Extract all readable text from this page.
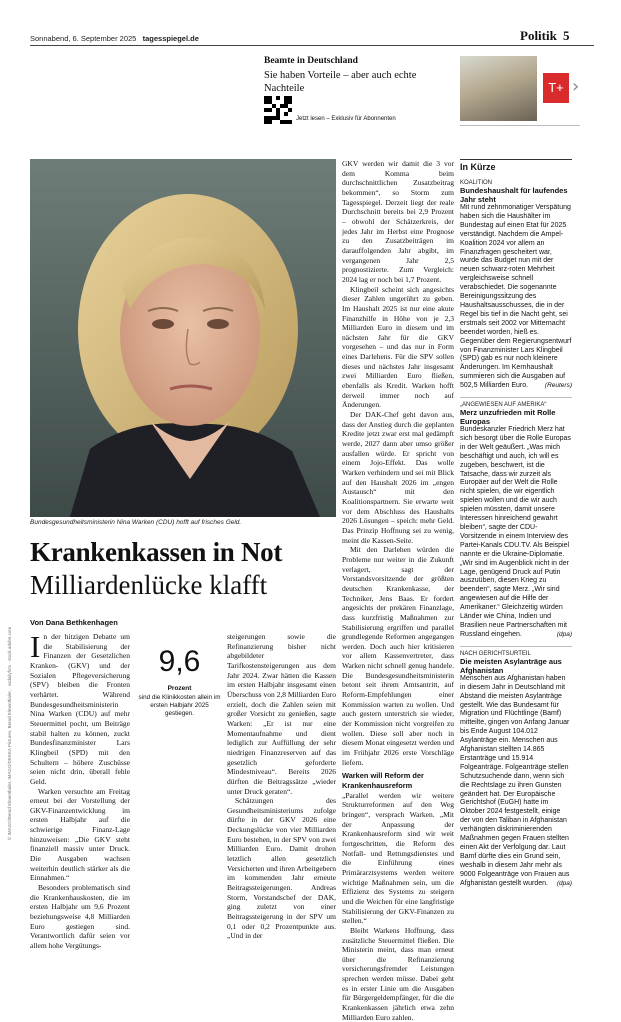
Sonnabend, 6. September 2025 tagesspiegel.de	Politik 5
Beamte in Deutschland
Sie haben Vorteile – aber auch echte Nachteile
Jetzt lesen – Exklusiv für Abonnenten
T+ ›
Bundesgesundheitsministerin Nina Warken (CDU) hofft auf frisches Geld.
© IMAGO/Bernd Elmenthaler, IMAGO/DEKKA Pictures, Bernd Elmenthaler, · vsdailyfoto · stock.adobe.com
Krankenkassen in Not
Milliardenlücke klafft
Von Dana Bethkenhagen

In der hitzigen Debatte um die Stabilisierung der Finanzen der Gesetzlichen Kranken- (GKV) und der Sozialen Pflegeversicherung (SPV) bleiben die Fronten verhärtet. Während Bundesgesundheitsministerin Nina Warken (CDU) auf mehr Steuermittel pocht, um Beiträge stabil halten zu können, zuckt Bundesfinanzminister Lars Klingbeil (SPD) mit den Schultern – höhere Zuschüsse seien nicht drin, überall fehle Geld.

Warken versuchte am Freitag erneut bei der Vorstellung der GKV-Finanzentwicklung im ersten Halbjahr auf die schwierige Finanz-Lage hinzuweisen: „Die GKV steht finanziell massiv unter Druck. Die Ausgaben wachsen weiterhin deutlich stärker als die Einnahmen.“

Besonders problematisch sind die Krankenhauskosten, die im ersten Halbjahr um 9,6 Prozent beziehungsweise 4,8 Milliarden Euro gestiegen sind. Verantwortlich dafür seien vor allem hohe Vergütungs-

9,6
Prozent
sind die Klinikkosten allein im ersten Halbjahr 2025 gestiegen.

steigerungen sowie die Refinanzierung bisher nicht abgebildeter Tarifkostensteigerungen aus dem Jahr 2024. Zwar hätten die Kassen im ersten Halbjahr insgesamt einen Überschuss von 2,8 Milliarden Euro erzielt, doch die Zahlen seien mit großer Vorsicht zu genießen, sagte Warken: „Er ist nur eine Momentaufnahme und dient lediglich zur Auffüllung der sehr niedrigen Finanzreserven auf das gesetzlich geforderte Mindestniveau“. Bereits 2026 dürften die Beitragssätze „wieder unter Druck geraten“.

Schätzungen des Gesundheitsministeriums zufolge dürfte in der GKV 2026 eine Deckungslücke von vier Milliarden Euro bestehen, in der SPV von zwei Milliarden Euro. Damit drohen letztlich allen gesetzlich Versicherten und ihren Arbeitgebern im kommenden Jahr erneute Beitragssteigerungen. Andreas Storm, Vorstandschef der DAK, ging zuletzt von einer Beitragssteigerung in der SPV um 0,1 oder 0,2 Prozentpunkte aus. „Und in der

GKV werden wir damit die 3 vor dem Komma beim durchschnittlichen Zusatzbeitrag bekommen“, so Storm zum Tagesspiegel. Derzeit liegt der reale Durchschnitt bereits bei 2,9 Prozent – obwohl der Schätzerkreis, der jedes Jahr im Herbst eine Prognose zu den Zusatzbeiträgen im darauffolgenden Jahr abgibt, im vergangenen Jahr 2,5 prognostizierte. Zum Vergleich: 2024 lag er noch bei 1,7 Prozent.

Klingbeil scheint sich angesichts dieser Zahlen ungerührt zu geben. Im Haushalt 2025 ist nur eine akute Finanzhilfe in Höhe von je 2,3 Milliarden Euro in diesem und im nächsten Jahr für die GKV vorgesehen – und das nur in Form eines Darlehens. Für die SPV sollen dieses und nächstes Jahr insgesamt zwei Milliarden Euro fließen, ebenfalls als Kredit. Warken hofft derweil immer noch auf Änderungen.

Der DAK-Chef geht davon aus, dass der Anstieg durch die geplanten Kredite jetzt zwar erst mal gedämpft werde, 2027 dann aber umso größer ausfallen würde. Er spricht von einem Jojo-Effekt. Das wolle Warken verhindern und sei mit Blick auf den Haushalt 2026 im „engen Austausch“ mit den Koalitionspartnern. Sie erwarte weit vor dem Abschluss des Haushalts 2026 Lösungen – speich: mehr Geld. Das Prinzip Hoffnung sei zu wenig, meint die Kassen-Seite.

Mit den Darlehen würden die Probleme nur weiter in die Zukunft verlagert, sagt der Vorstandsvorsitzende der größten deutschen Krankenkasse, der Techniker, Jens Baas. Er fordert angesichts der prekären Finanzlage, dass kurzfristig Maßnahmen zur Stabilisierung ergriffen und parallel grundlegende Reformen angegangen werden. Doch auch hier kritisieren vor allem Kassenvertreter, dass Warken nicht schnell genug handele. Die Bundesgesundheitsministerin betont seit ihrem Amtsantritt, auf Reform-Empfehlungen einer Kommission warten zu wollen. Und auch gestern unterstrich sie wieder, der Kommission nicht vorgreifen zu wollen. Diese soll aber noch in diesem Monat eingesetzt werden und im Frühjahr 2026 erste Vorschläge liefern.

Warken will Reform der Krankenhausreform

„Parallel werden wir weitere Strukturreformen auf den Weg bringen“, versprach Warken. „Mit der Anpassung der Krankenhausreform sind wir weit fortgeschritten, die Reform des Notfall- und Rettungsdienstes und die Einführung eines Primärarztsystems werden weitere wichtige Maßnahmen sein, um die Effizienz des Systems zu steigern und die Weichen für eine langfristige Stabilisierung der GKV-Finanzen zu stellen.“

Bleibt Warkens Hoffnung, dass zusätzliche Steuermittel fließen. Die Ministerin meint, dass man erneut über die Refinanzierung versicherungsfremder Leistungen sprechen werden müsse. Dabei geht es in erster Linie um die Ausgaben für Bürgergeldempfänger, für die die Krankenkassen jährlich etwa zehn Milliarden Euro zahlen.

In Kürze
KOALITION
Bundeshaushalt für laufendes Jahr steht
Mit rund zehnmonatiger Verspätung haben sich die Haushälter im Bundestag auf einen Etat für 2025 verständigt. Nachdem die Ampel-Koalition 2024 vor allem an Finanzfragen gescheitert war, wurde das Budget nun mit der neuen schwarz-roten Mehrheit vergleichsweise schnell verabschiedet. Die sogenannte Bereinigungssitzung des Haushaltsausschusses, die in der Regel bis tief in die Nacht geht, sei erstmals seit 2002 vor Mitternacht beendet worden, hieß es. Gegenüber dem Regierungsentwurf von Finanzminister Lars Klingbeil (SPD) gab es nur noch kleinere Änderungen. Im Kernhaushalt summieren sich die Ausgaben auf 502,5 Milliarden Euro.	(Reuters)
„ANGEWIESEN AUF AMERIKA“
Merz unzufrieden mit Rolle Europas
Bundeskanzler Friedrich Merz hat sich besorgt über die Rolle Europas in der Welt geäußert. „Was mich beschäftigt und auch, ich will es zugeben, beschwert, ist die Tatsache, dass wir zurzeit als Europäer auf der Welt die Rolle nicht spielen, die wir eigentlich spielen wollen und die wir auch spielen müssten, damit unsere Interessen hinreichend gewahrt bleiben“, sagte der CDU-Vorsitzende in einem Interview des Partei-Kanals CDU.TV. Als Beispiel nannte er die Ukraine-Diplomatie. „Wir sind im Augenblick nicht in der Lage, genügend Druck auf Putin auszuüben, diesen Krieg zu beenden“, sagte Merz. „Wir sind angewiesen auf die Hilfe der Amerikaner.“ Gleichzeitig würden Länder wie China, Indien und Brasilien neue Partnerschaften mit Russland eingehen.	(dpa)
NACH GERICHTSURTEIL
Die meisten Asylanträge aus Afghanistan
Menschen aus Afghanistan haben in diesem Jahr in Deutschland mit Abstand die meisten Asylanträge gestellt. Wie das Bundesamt für Migration und Flüchtlinge (Bamf) mitteilte, gingen von Anfang Januar bis Ende August 104.012 Asylanträge ein. Menschen aus Afghanistan stellten 14.865 Erstanträge und 15.914 Folgeanträge. Folgeanträge stellen Schutzsuchende dann, wenn sich die Rechtslage zu ihren Gunsten geändert hat. Der Europäische Gerichtshof (EuGH) hatte im Oktober 2024 festgestellt, einige der von den Taliban in Afghanistan verhängten diskriminierenden Maßnahmen gegen Frauen stellten einen Akt der Verfolgung dar. Laut Bamf dürfte dies ein Grund sein, weshalb in diesem Jahr mehr als 9000 Folgeanträge von Frauen aus Afghanistan gestellt wurden. (dpa)
